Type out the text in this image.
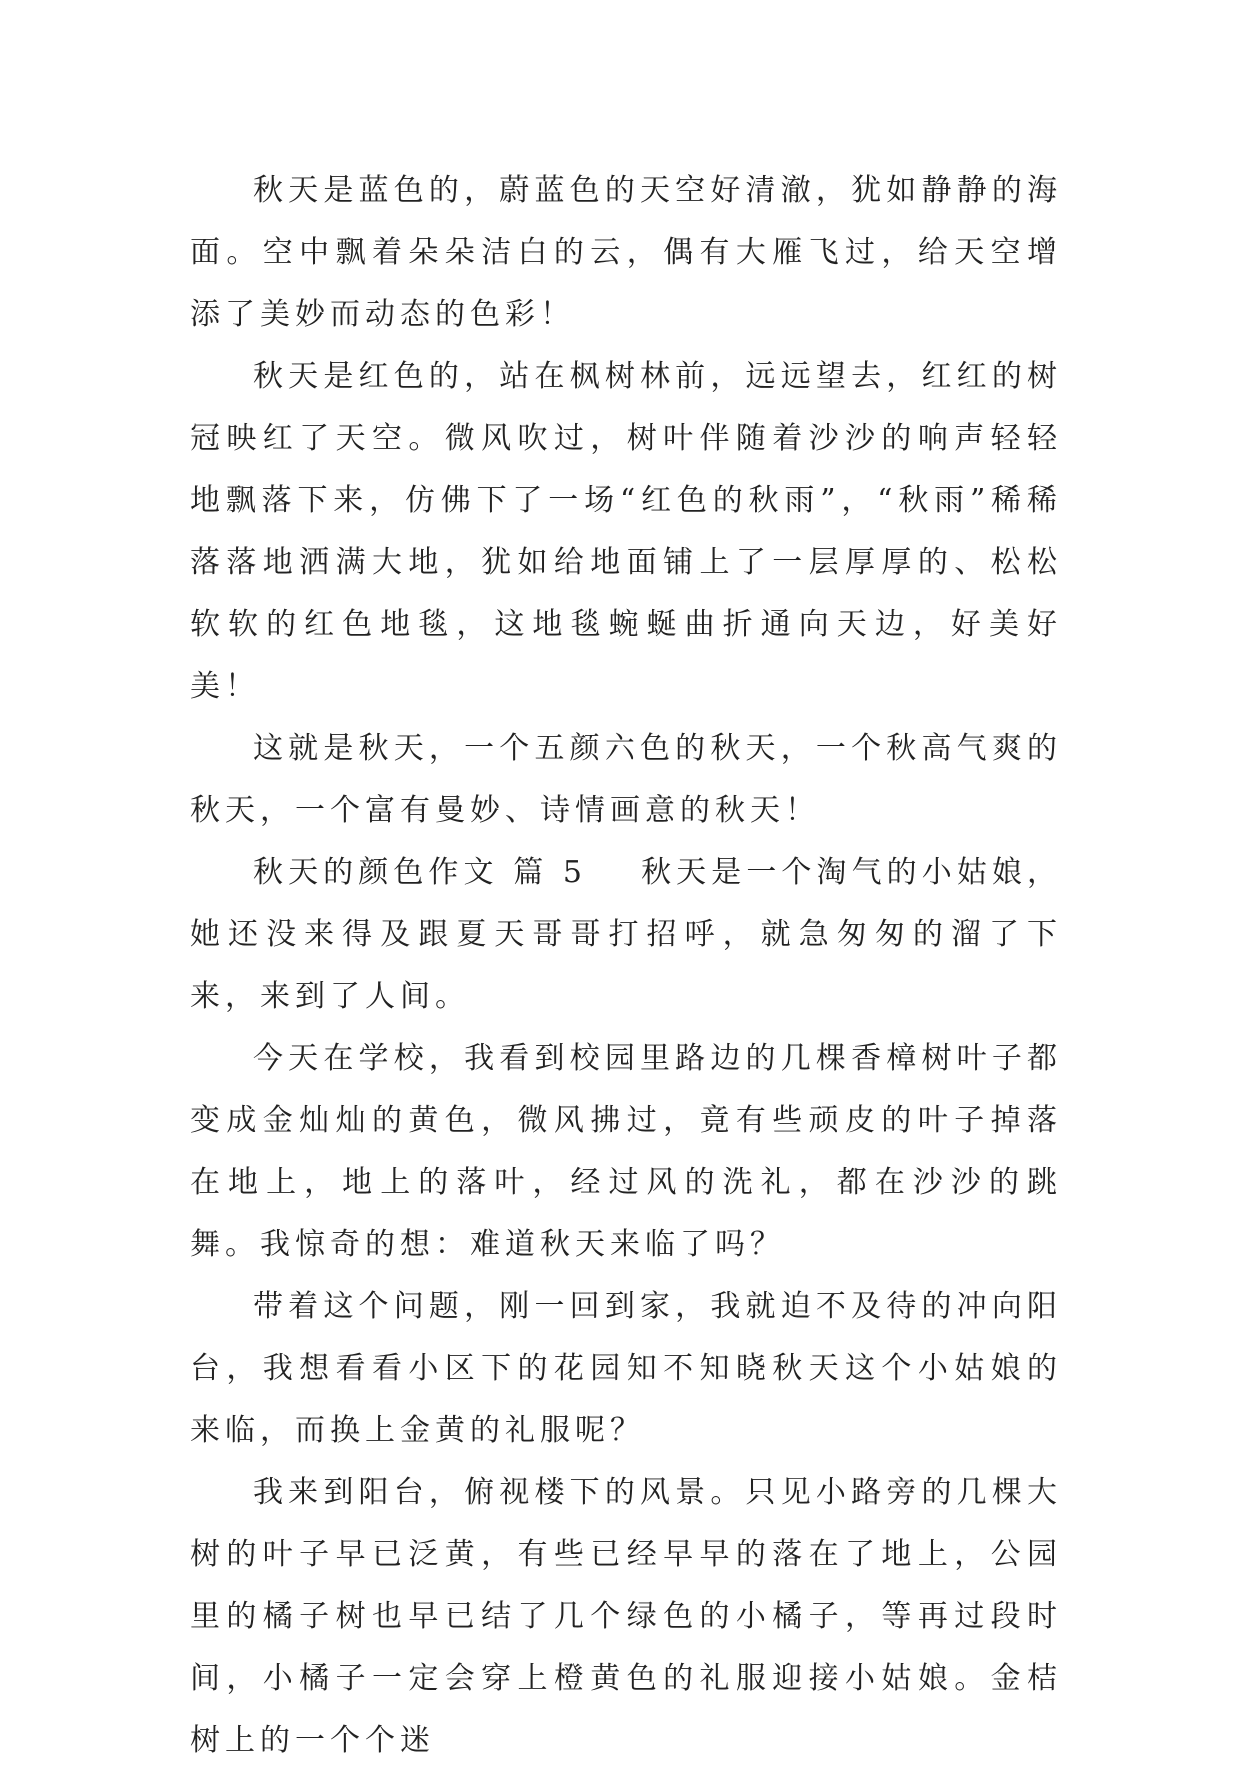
秋天是蓝色的，蔚蓝色的天空好清澈，犹如静静的海面。空中飘着朵朵洁白的云，偶有大雁飞过，给天空增添了美妙而动态的色彩！

秋天是红色的，站在枫树林前，远远望去，红红的树冠映红了天空。微风吹过，树叶伴随着沙沙的响声轻轻地飘落下来，仿佛下了一场“红色的秋雨”，“秋雨”稀稀落落地洒满大地，犹如给地面铺上了一层厚厚的、松松软软的红色地毯，这地毯蜿蜒曲折通向天边，好美好美！

这就是秋天，一个五颜六色的秋天，一个秋高气爽的秋天，一个富有曼妙、诗情画意的秋天！

秋天的颜色作文 篇 5 秋天是一个淘气的小姑娘，她还没来得及跟夏天哥哥打招呼，就急匆匆的溜了下来，来到了人间。

今天在学校，我看到校园里路边的几棵香樟树叶子都变成金灿灿的黄色，微风拂过，竟有些顽皮的叶子掉落在地上，地上的落叶，经过风的洗礼，都在沙沙的跳舞。我惊奇的想：难道秋天来临了吗？

带着这个问题，刚一回到家，我就迫不及待的冲向阳台，我想看看小区下的花园知不知晓秋天这个小姑娘的来临，而换上金黄的礼服呢？

我来到阳台，俯视楼下的风景。只见小路旁的几棵大树的叶子早已泛黄，有些已经早早的落在了地上，公园里的橘子树也早已结了几个绿色的小橘子，等再过段时间，小橘子一定会穿上橙黄色的礼服迎接小姑娘。金桔树上的一个个迷
